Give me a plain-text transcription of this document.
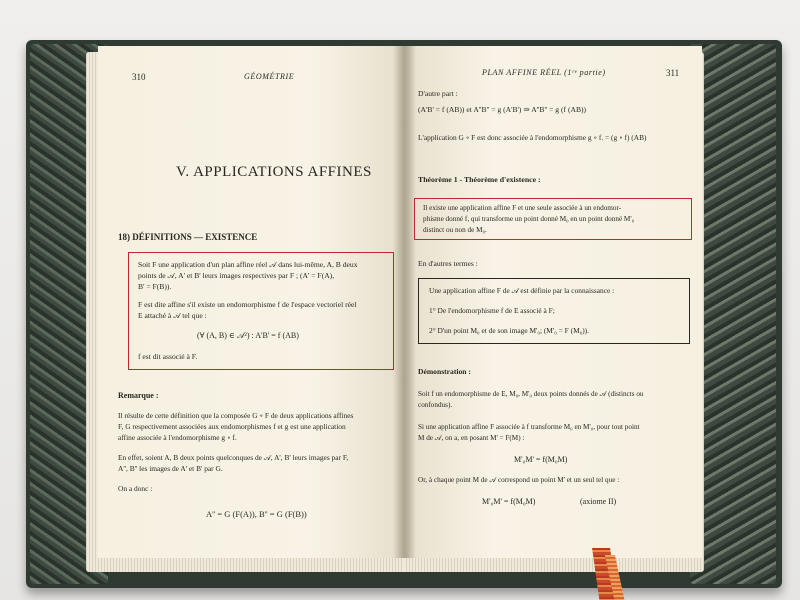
310	GÉOMÉTRIE
V. APPLICATIONS AFFINES
18) DÉFINITIONS — EXISTENCE
Soit F une application d'un plan affine réel 𝒜 dans lui-même, A, B deux
points de 𝒜, A' et B' leurs images respectives par F ; (A' = F(A),
B' = F(B)).
F est dite affine s'il existe un endomorphisme f de l'espace vectoriel réel
E attaché à 𝒜 tel que :
(∀ (A, B) ∈ 𝒜²) : A'B' = f (AB)
f est dit associé à F.
Remarque :
Il résulte de cette définition que la composée G ∘ F de deux applications affines
F, G respectivement associées aux endomorphismes f et g est une application
affine associée à l'endomorphisme g ∘ f.
En effet, soient A, B deux points quelconques de 𝒜, A', B' leurs images par F,
A'', B'' les images de A' et B' par G.
On a donc :
A'' = G (F(A)), B'' = G (F(B))
PLAN AFFINE RÉEL (1ʳᵉ partie)	311
D'autre part :
(A'B' = f (AB)) et A''B'' = g (A'B') ⇒ A''B'' = g (f (AB))
L'application G ∘ F est donc associée à l'endomorphisme g ∘ f. = (g ∘ f) (AB)
Théorème 1 - Théorème d'existence :
Il existe une application affine F et une seule associée à un endomor-
phisme donné f, qui transforme un point donné M₀ en un point donné M'₀
distinct ou non de M₀.
En d'autres termes :
Une application affine F de 𝒜 est définie par la connaissance :
1° De l'endomorphisme f de E associé à F;
2° D'un point M₀ et de son image M'₀; (M'₀ = F (M₀)).
Démonstration :
Soit f un endomorphisme de E, M₀, M'₀ deux points donnés de 𝒜 (distincts ou
confondus).
Si une application affine F associée à f transforme M₀ en M'₀, pour tout point
M de 𝒜, on a, en posant M' = F(M) :
M'₀M' = f(M₀M)
Or, à chaque point M de 𝒜 correspond un point M' et un seul tel que :
M'₀M' = f(M₀M)	(axiome II)
